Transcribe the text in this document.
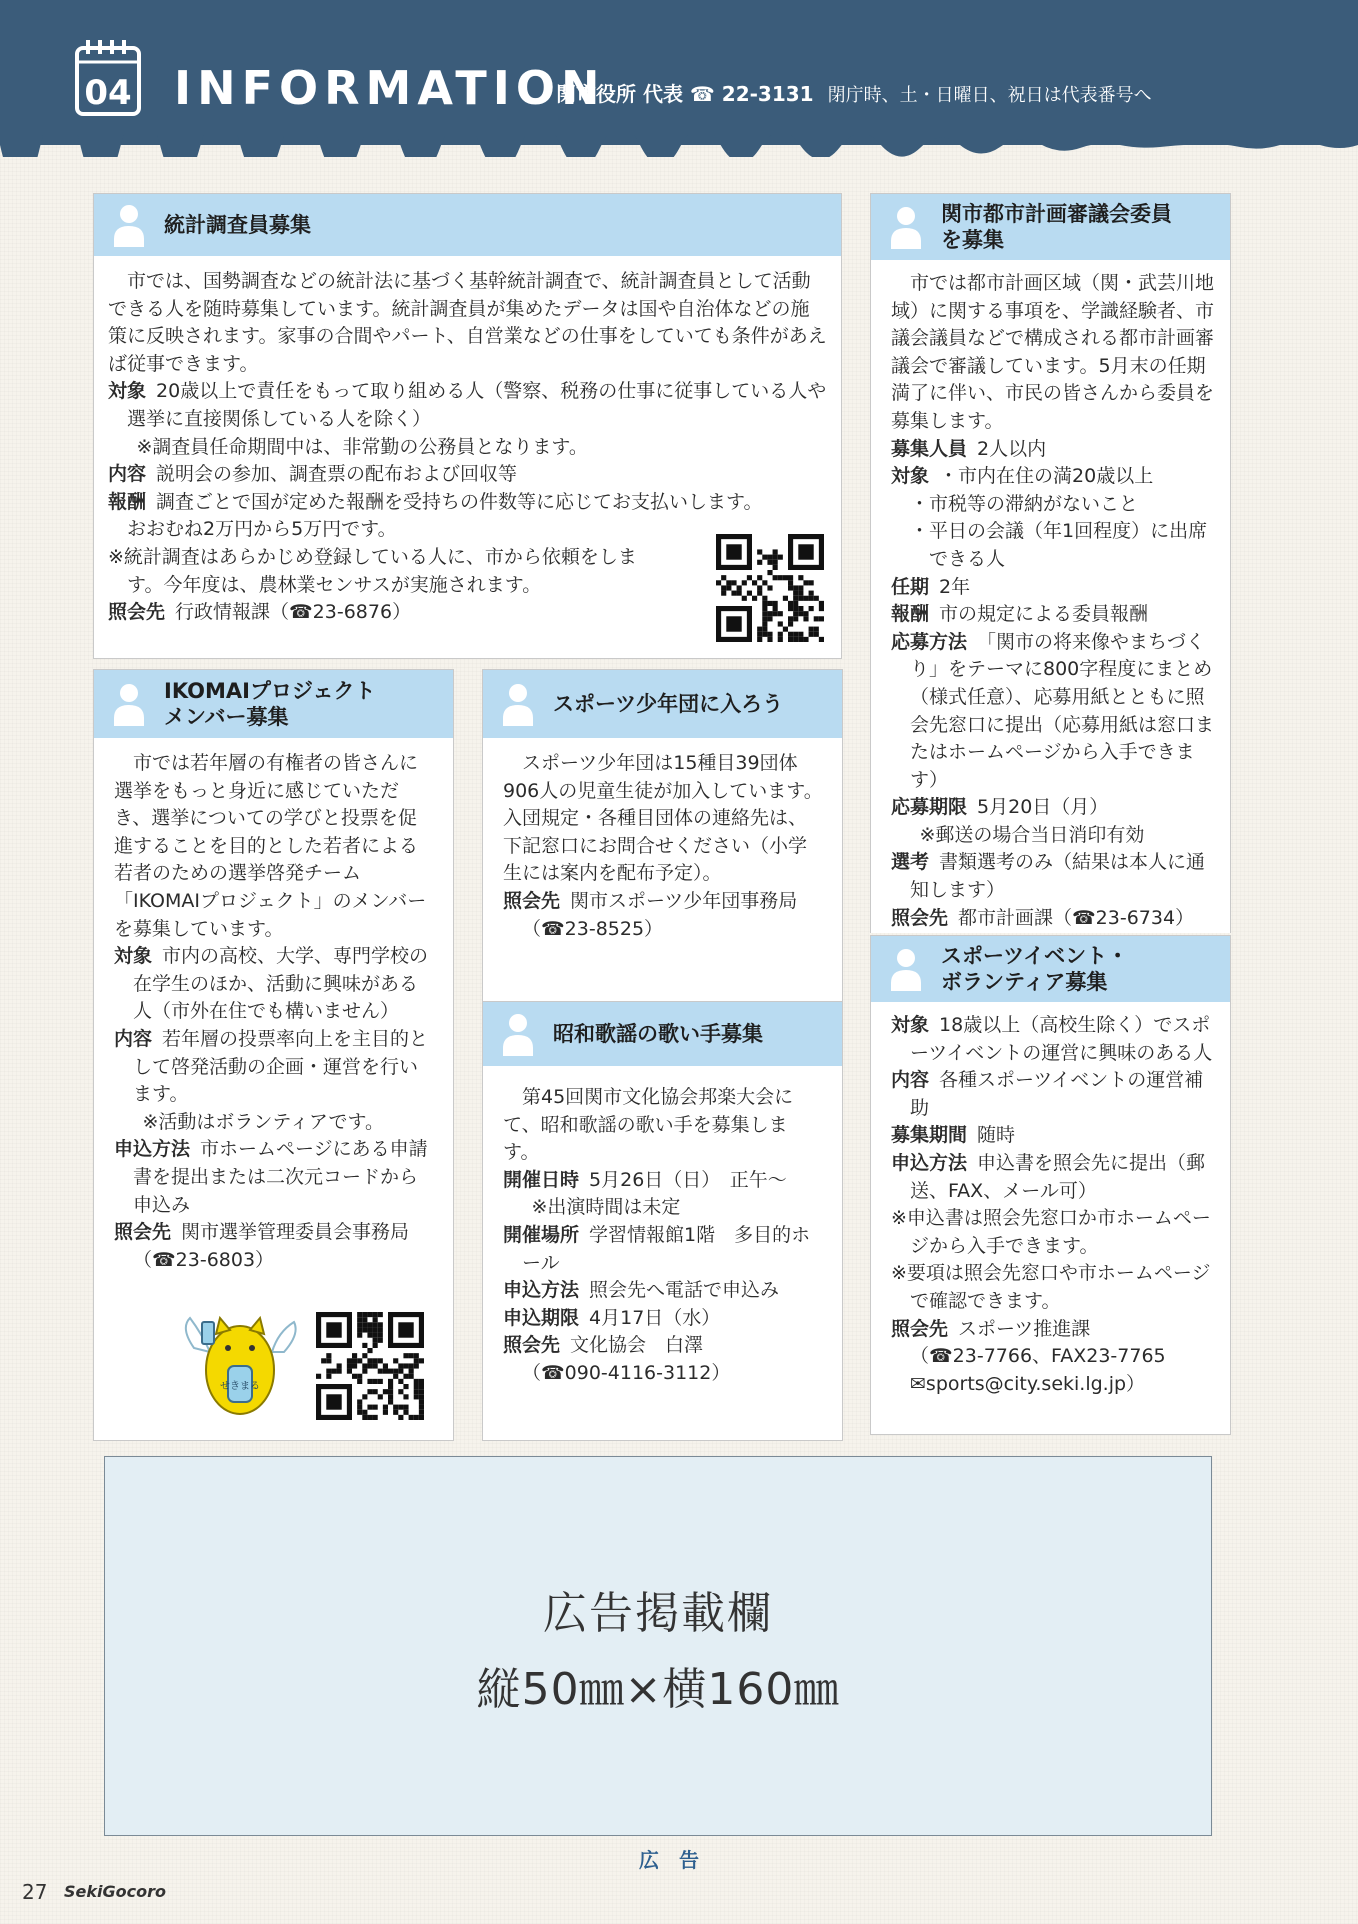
04 INFORMATION
関市役所 代表 ☎ 22-3131 閉庁時、土・日曜日、祝日は代表番号へ
統計調査員募集

市では、国勢調査などの統計法に基づく基幹統計調査で、統計調査員として活動できる人を随時募集しています。統計調査員が集めたデータは国や自治体などの施策に反映されます。家事の合間やパート、自営業などの仕事をしていても条件があえば従事できます。

対象 20歳以上で責任をもって取り組める人（警察、税務の仕事に従事している人や選挙に直接関係している人を除く）

※調査員任命期間中は、非常勤の公務員となります。

内容 説明会の参加、調査票の配布および回収等

報酬 調査ごとで国が定めた報酬を受持ちの件数等に応じてお支払いします。

おおむね2万円から5万円です。

※統計調査はあらかじめ登録している人に、市から依頼をします。今年度は、農林業センサスが実施されます。

照会先 行政情報課（☎23-6876）

IKOMAIプロジェクト
メンバー募集

市では若年層の有権者の皆さんに選挙をもっと身近に感じていただき、選挙についての学びと投票を促進することを目的とした若者による若者のための選挙啓発チーム「IKOMAIプロジェクト」のメンバーを募集しています。

対象 市内の高校、大学、専門学校の在学生のほか、活動に興味がある人（市外在住でも構いません）

内容 若年層の投票率向上を主目的として啓発活動の企画・運営を行います。

※活動はボランティアです。

申込方法 市ホームページにある申請書を提出または二次元コードから申込み

照会先 関市選挙管理委員会事務局（☎23-6803）

せきまる
スポーツ少年団に入ろう

スポーツ少年団は15種目39団体906人の児童生徒が加入しています。入団規定・各種目団体の連絡先は、下記窓口にお問合せください（小学生には案内を配布予定）。

照会先 関市スポーツ少年団事務局（☎23-8525）

昭和歌謡の歌い手募集

第45回関市文化協会邦楽大会にて、昭和歌謡の歌い手を募集します。

開催日時 5月26日（日）　正午～

※出演時間は未定

開催場所 学習情報館1階　多目的ホール

申込方法 照会先へ電話で申込み

申込期限 4月17日（水）

照会先 文化協会　白澤

（☎090-4116-3112）

関市都市計画審議会委員
を募集

市では都市計画区域（関・武芸川地域）に関する事項を、学識経験者、市議会議員などで構成される都市計画審議会で審議しています。5月末の任期満了に伴い、市民の皆さんから委員を募集します。

募集人員 2人以内

対象 ・市内在住の満20歳以上

・市税等の滞納がないこと

・平日の会議（年1回程度）に出席できる人

任期 2年

報酬 市の規定による委員報酬

応募方法 「関市の将来像やまちづくり」をテーマに800字程度にまとめ（様式任意）、応募用紙とともに照会先窓口に提出（応募用紙は窓口またはホームページから入手できます）

応募期限 5月20日（月）

※郵送の場合当日消印有効

選考 書類選考のみ（結果は本人に通知します）

照会先 都市計画課（☎23-6734）

スポーツイベント・
ボランティア募集

対象 18歳以上（高校生除く）でスポーツイベントの運営に興味のある人

内容 各種スポーツイベントの運営補助

募集期間 随時

申込方法 申込書を照会先に提出（郵送、FAX、メール可）

※申込書は照会先窓口か市ホームページから入手できます。

※要項は照会先窓口や市ホームページで確認できます。

照会先 スポーツ推進課

（☎23-7766、FAX23-7765

✉sports@city.seki.lg.jp）

広告掲載欄
縦50㎜×横160㎜
広告
27 SekiGocoro
